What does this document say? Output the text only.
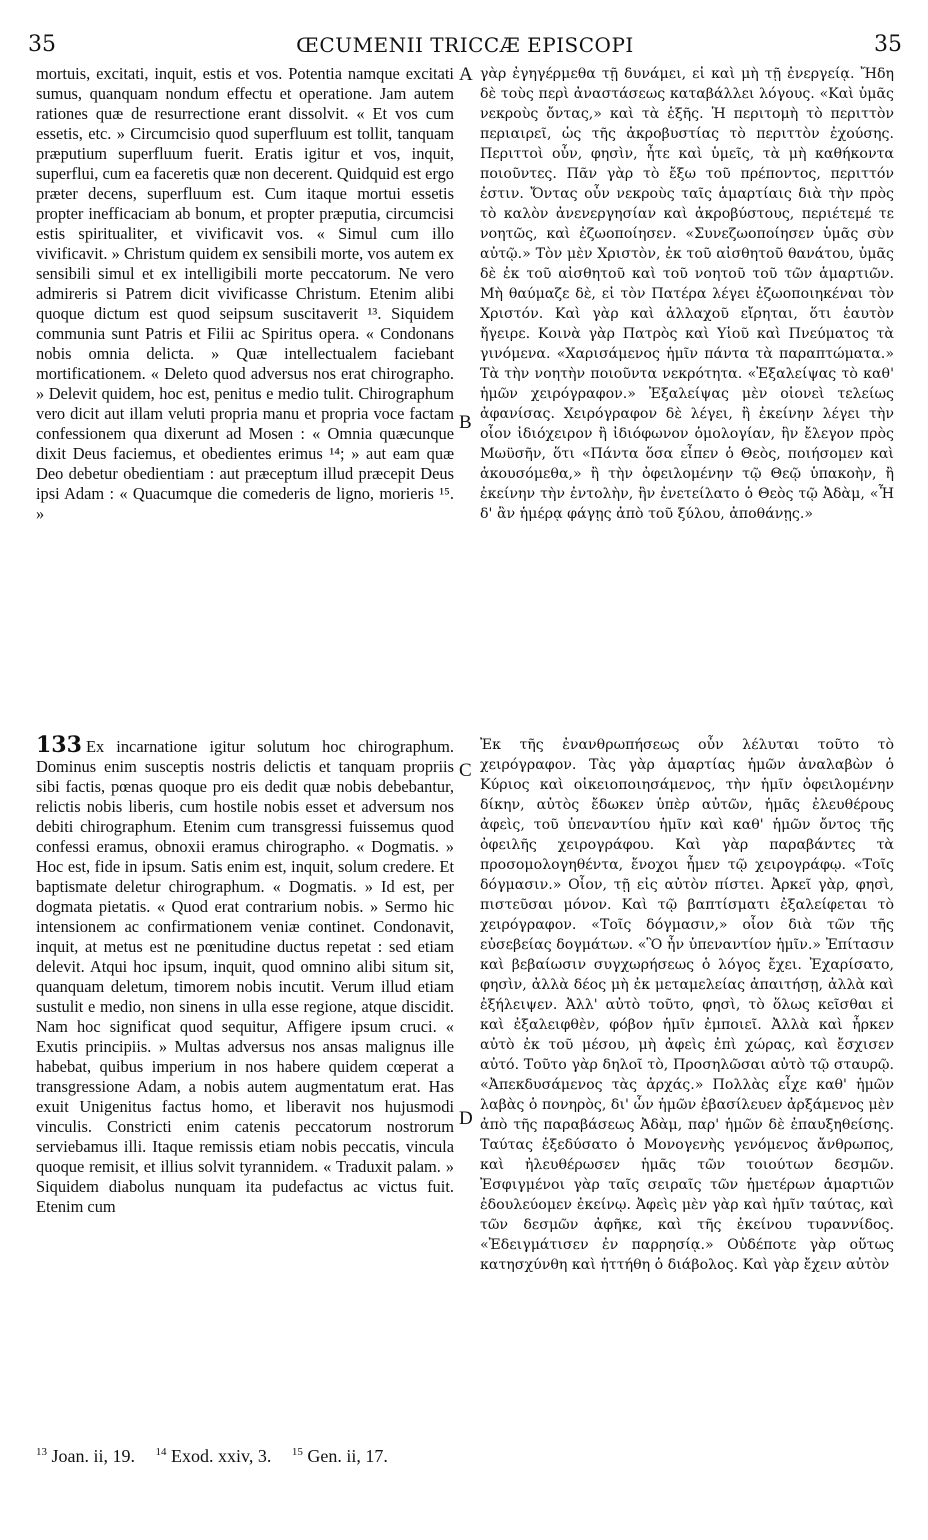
35	ŒCUMENII TRICCÆ EPISCOPI	35

mortuis, excitati, inquit, estis et vos. Potentia namque excitati sumus, quanquam nondum effectu et operatione. Jam autem rationes quæ de resurrectione erant dissolvit. « Et vos cum essetis, etc. » Circumcisio quod superfluum est tollit, tanquam præputium superfluum fuerit. Eratis igitur et vos, inquit, superflui, cum ea faceretis quæ non decerent. Quidquid est ergo præter decens, superfluum est. Cum itaque mortui essetis propter inefficaciam ab bonum, et propter præputia, circumcisi estis spiritualiter, et vivificavit vos. « Simul cum illo vivificavit. » Christum quidem ex sensibili morte, vos autem ex sensibili simul et ex intelligibili morte peccatorum. Ne vero admireris si Patrem dicit vivificasse Christum. Etenim alibi quoque dictum est quod seipsum suscitaverit ¹³. Siquidem communia sunt Patris et Filii ac Spiritus opera. « Condonans nobis omnia delicta. » Quæ intellectualem faciebant mortificationem. « Deleto quod adversus nos erat chirographo. » Delevit quidem, hoc est, penitus e medio tulit. Chirographum vero dicit aut illam veluti propria manu et propria voce factam confessionem qua dixerunt ad Mosen : « Omnia quæcunque dixit Deus faciemus, et obedientes erimus ¹⁴; » aut eam quæ Deo debetur obedientiam : aut præceptum illud præcepit Deus ipsi Adam : « Quacumque die comederis de ligno, morieris ¹⁵. »

γὰρ ἐγηγέρμεθα τῇ δυνάμει, εἰ καὶ μὴ τῇ ἐνεργείᾳ. Ἤδη δὲ τοὺς περὶ ἀναστάσεως καταβάλλει λόγους. «Καὶ ὑμᾶς νεκροὺς ὄντας,» καὶ τὰ ἑξῆς. Ἡ περιτομὴ τὸ περιττὸν περιαιρεῖ, ὡς τῆς ἀκροβυστίας τὸ περιττὸν ἐχούσης. Περιττοὶ οὖν, φησὶν, ἦτε καὶ ὑμεῖς, τὰ μὴ καθήκοντα ποιοῦντες. Πᾶν γὰρ τὸ ἔξω τοῦ πρέποντος, περιττόν ἐστιν. Ὄντας οὖν νεκροὺς ταῖς ἁμαρτίαις διὰ τὴν πρὸς τὸ καλὸν ἀνενεργησίαν καὶ ἀκροβύστους, περιέτεμέ τε νοητῶς, καὶ ἐζωοποίησεν. «Συνεζωοποίησεν ὑμᾶς σὺν αὐτῷ.» Τὸν μὲν Χριστὸν, ἐκ τοῦ αἰσθητοῦ θανάτου, ὑμᾶς δὲ ἐκ τοῦ αἰσθητοῦ καὶ τοῦ νοητοῦ τοῦ τῶν ἁμαρτιῶν. Μὴ θαύμαζε δὲ, εἰ τὸν Πατέρα λέγει ἐζωοποιηκέναι τὸν Χριστόν. Καὶ γὰρ καὶ ἀλλαχοῦ εἴρηται, ὅτι ἑαυτὸν ἤγειρε. Κοινὰ γὰρ Πατρὸς καὶ Υἱοῦ καὶ Πνεύματος τὰ γινόμενα. «Χαρισάμενος ἡμῖν πάντα τὰ παραπτώματα.» Τὰ τὴν νοητὴν ποιοῦντα νεκρότητα. «Ἐξαλείψας τὸ καθ' ἡμῶν χειρόγραφον.» Ἐξαλείψας μὲν οἱονεὶ τελείως ἀφανίσας. Χειρόγραφον δὲ λέγει, ἢ ἐκείνην λέγει τὴν οἷον ἰδιόχειρον ἢ ἰδιόφωνον ὁμολογίαν, ἣν ἔλεγον πρὸς Μωϋσῆν, ὅτι «Πάντα ὅσα εἶπεν ὁ Θεὸς, ποιήσομεν καὶ ἀκουσόμεθα,» ἢ τὴν ὀφειλομένην τῷ Θεῷ ὑπακοὴν, ἢ ἐκείνην τὴν ἐντολὴν, ἣν ἐνετείλατο ὁ Θεὸς τῷ Ἀδὰμ, «Ἧ δ' ἂν ἡμέρᾳ φάγῃς ἀπὸ τοῦ ξύλου, ἀποθάνῃς.»

133 Ex incarnatione igitur solutum hoc chirographum. Dominus enim susceptis nostris delictis et tanquam propriis sibi factis, pœnas quoque pro eis dedit quæ nobis debebantur, relictis nobis liberis, cum hostile nobis esset et adversum nos debiti chirographum. Etenim cum transgressi fuissemus quod confessi eramus, obnoxii eramus chirographo. « Dogmatis. » Hoc est, fide in ipsum. Satis enim est, inquit, solum credere. Et baptismate deletur chirographum. « Dogmatis. » Id est, per dogmata pietatis. « Quod erat contrarium nobis. » Sermo hic intensionem ac confirmationem veniæ continet. Condonavit, inquit, at metus est ne pœnitudine ductus repetat : sed etiam delevit. Atqui hoc ipsum, inquit, quod omnino alibi situm sit, quanquam deletum, timorem nobis incutit. Verum illud etiam sustulit e medio, non sinens in ulla esse regione, atque discidit. Nam hoc significat quod sequitur, Affigere ipsum cruci. « Exutis principiis. » Multas adversus nos ansas malignus ille habebat, quibus imperium in nos habere quidem cœperat a transgressione Adam, a nobis autem augmentatum erat. Has exuit Unigenitus factus homo, et liberavit nos hujusmodi vinculis. Constricti enim catenis peccatorum nostrorum serviebamus illi. Itaque remissis etiam nobis peccatis, vincula quoque remisit, et illius solvit tyrannidem. « Traduxit palam. » Siquidem diabolus nunquam ita pudefactus ac victus fuit. Etenim cum

Ἐκ τῆς ἐνανθρωπήσεως οὖν λέλυται τοῦτο τὸ χειρόγραφον. Τὰς γὰρ ἁμαρτίας ἡμῶν ἀναλαβὼν ὁ Κύριος καὶ οἰκειοποιησάμενος, τὴν ἡμῖν ὀφειλομένην δίκην, αὐτὸς ἔδωκεν ὑπὲρ αὐτῶν, ἡμᾶς ἐλευθέρους ἀφεὶς, τοῦ ὑπεναντίου ἡμῖν καὶ καθ' ἡμῶν ὄντος τῆς ὀφειλῆς χειρογράφου. Καὶ γὰρ παραβάντες τὰ προσομολογηθέντα, ἔνοχοι ἦμεν τῷ χειρογράφῳ. «Τοῖς δόγμασιν.» Οἷον, τῇ εἰς αὐτὸν πίστει. Ἀρκεῖ γὰρ, φησὶ, πιστεῦσαι μόνον. Καὶ τῷ βαπτίσματι ἐξαλείφεται τὸ χειρόγραφον. «Τοῖς δόγμασιν,» οἷον διὰ τῶν τῆς εὐσεβείας δογμάτων. «Ὃ ἦν ὑπεναντίον ἡμῖν.» Ἐπίτασιν καὶ βεβαίωσιν συγχωρήσεως ὁ λόγος ἔχει. Ἐχαρίσατο, φησὶν, ἀλλὰ δέος μὴ ἐκ μεταμελείας ἀπαιτήσῃ, ἀλλὰ καὶ ἐξήλειψεν. Ἀλλ' αὐτὸ τοῦτο, φησὶ, τὸ ὅλως κεῖσθαι εἰ καὶ ἐξαλειφθὲν, φόβον ἡμῖν ἐμποιεῖ. Ἀλλὰ καὶ ἦρκεν αὐτὸ ἐκ τοῦ μέσου, μὴ ἀφεὶς ἐπὶ χώρας, καὶ ἔσχισεν αὐτό. Τοῦτο γὰρ δηλοῖ τὸ, Προσηλῶσαι αὐτὸ τῷ σταυρῷ. «Ἀπεκδυσάμενος τὰς ἀρχάς.» Πολλὰς εἶχε καθ' ἡμῶν λαβὰς ὁ πονηρὸς, δι' ὧν ἡμῶν ἐβασίλευεν ἀρξάμενος μὲν ἀπὸ τῆς παραβάσεως Ἀδὰμ, παρ' ἡμῶν δὲ ἐπαυξηθείσης. Ταύτας ἐξεδύσατο ὁ Μονογενὴς γενόμενος ἄνθρωπος, καὶ ἠλευθέρωσεν ἡμᾶς τῶν τοιούτων δεσμῶν. Ἐσφιγμένοι γὰρ ταῖς σειραῖς τῶν ἡμετέρων ἁμαρτιῶν ἐδουλεύομεν ἐκείνῳ. Ἀφεὶς μὲν γὰρ καὶ ἡμῖν ταύτας, καὶ τῶν δεσμῶν ἀφῆκε, καὶ τῆς ἐκείνου τυραννίδος. «Ἐδειγμάτισεν ἐν παρρησίᾳ.» Οὐδέποτε γὰρ οὕτως κατησχύνθη καὶ ἡττήθη ὁ διάβολος. Καὶ γὰρ ἔχειν αὐτὸν

A
B
C
D
$^{13}$ Joan. ii, 19. $^{14}$ Exod. xxiv, 3. $^{15}$ Gen. ii, 17.
